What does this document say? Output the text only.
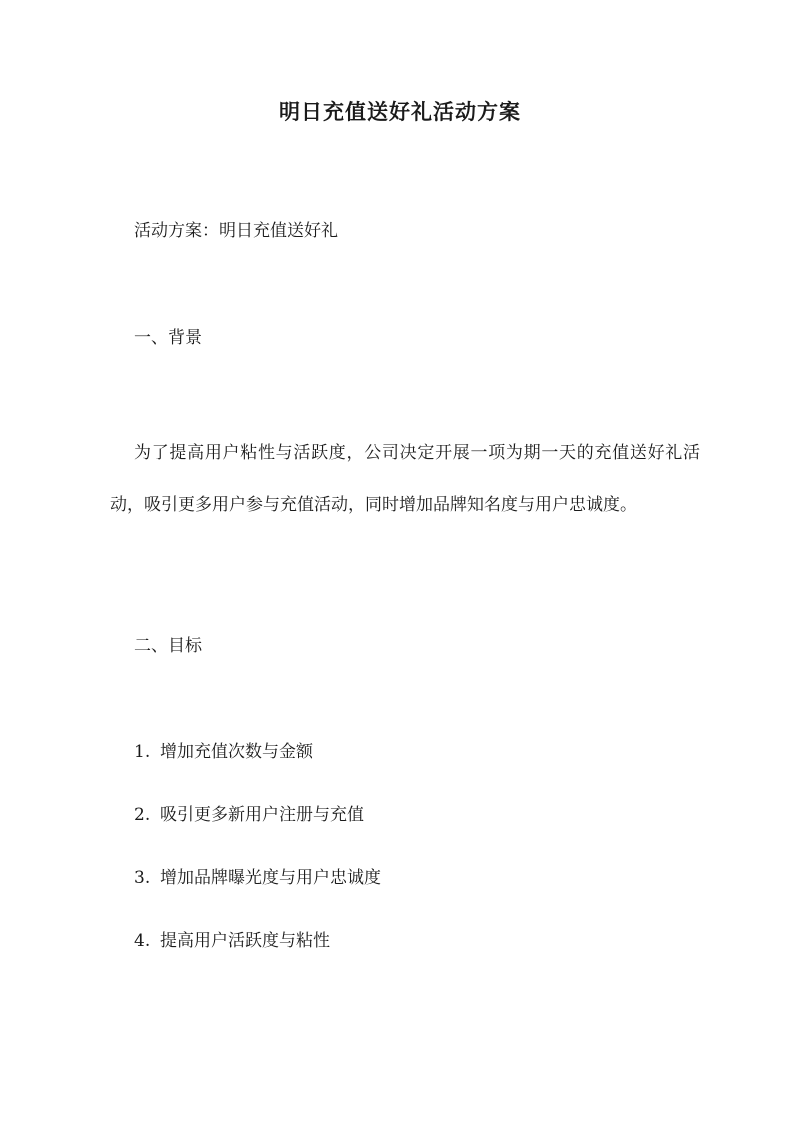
明日充值送好礼活动方案
活动方案：明日充值送好礼
一、背景
为了提高用户粘性与活跃度，公司决定开展一项为期一天的充值送好礼活动，吸引更多用户参与充值活动，同时增加品牌知名度与用户忠诚度。
二、目标
1. 增加充值次数与金额
2. 吸引更多新用户注册与充值
3. 增加品牌曝光度与用户忠诚度
4. 提高用户活跃度与粘性
